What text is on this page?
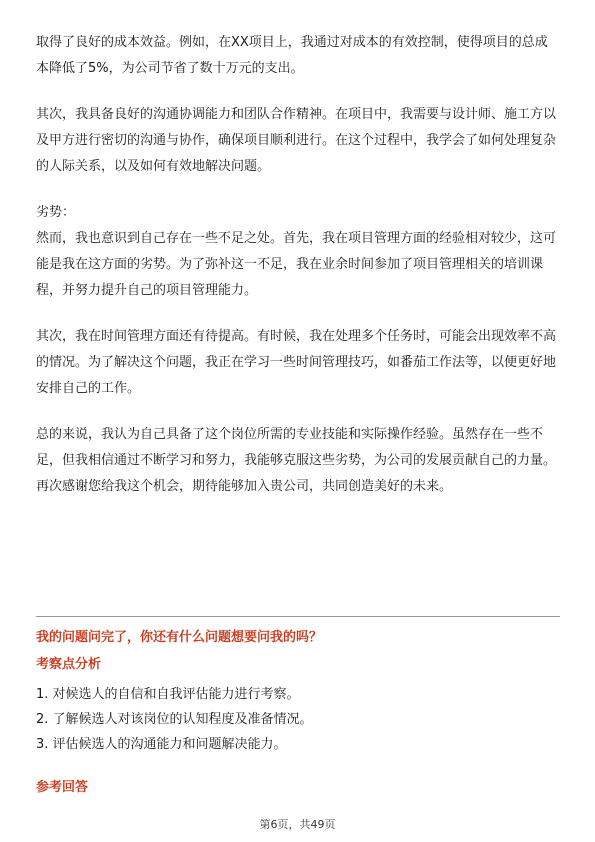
取得了良好的成本效益。例如，在XX项目上，我通过对成本的有效控制，使得项目的总成本降低了5%，为公司节省了数十万元的支出。

其次，我具备良好的沟通协调能力和团队合作精神。在项目中，我需要与设计师、施工方以及甲方进行密切的沟通与协作，确保项目顺利进行。在这个过程中，我学会了如何处理复杂的人际关系，以及如何有效地解决问题。

劣势：

然而，我也意识到自己存在一些不足之处。首先，我在项目管理方面的经验相对较少，这可能是我在这方面的劣势。为了弥补这一不足，我在业余时间参加了项目管理相关的培训课程，并努力提升自己的项目管理能力。

其次，我在时间管理方面还有待提高。有时候，我在处理多个任务时，可能会出现效率不高的情况。为了解决这个问题，我正在学习一些时间管理技巧，如番茄工作法等，以便更好地安排自己的工作。

总的来说，我认为自己具备了这个岗位所需的专业技能和实际操作经验。虽然存在一些不足，但我相信通过不断学习和努力，我能够克服这些劣势，为公司的发展贡献自己的力量。再次感谢您给我这个机会，期待能够加入贵公司，共同创造美好的未来。

我的问题问完了，你还有什么问题想要问我的吗？
考察点分析
1. 对候选人的自信和自我评估能力进行考察。
2. 了解候选人对该岗位的认知程度及准备情况。
3. 评估候选人的沟通能力和问题解决能力。
参考回答
第6页，共49页
